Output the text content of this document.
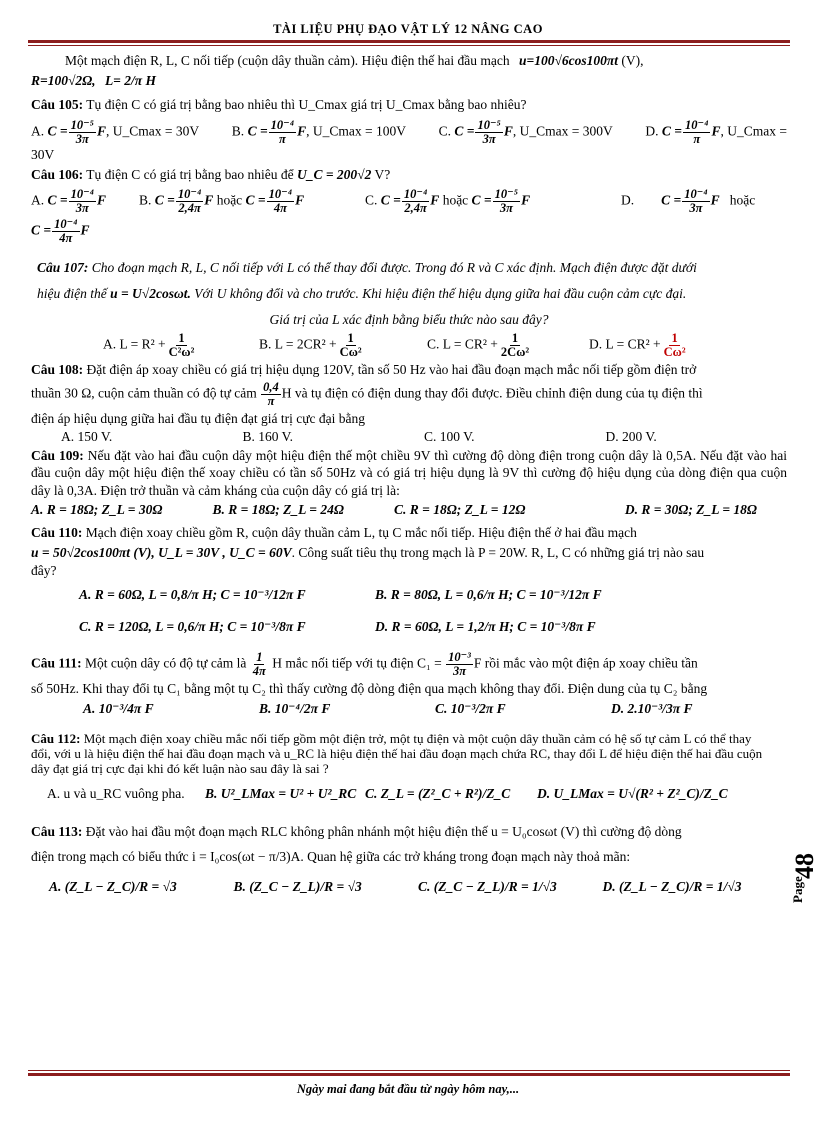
TÀI LIỆU PHỤ ĐẠO VẬT LÝ 12 NÂNG CAO

Một mạch điện R, L, C nối tiếp (cuộn dây thuần cảm). Hiệu điện thế hai đầu mạch u=100√6cos100πt (V),

R=100√2Ω, L= 2/π H

Câu 105: Tụ điện C có giá trị bằng bao nhiêu thì U_Cmax giá trị U_Cmax bằng bao nhiêu?

A. $C = \frac{\text{10⁻⁵}}{3\pi} F$, U_Cmax = 30V B. $C = \frac{\text{10⁻⁴}}{\pi} F$, U_Cmax = 100V C. $C = \frac{\text{10⁻⁵}}{3\pi} F$, U_Cmax = 300V D. $C = \frac{\text{10⁻⁴}}{\pi} F$, U_Cmax =

30V

Câu 106: Tụ điện C có giá trị bằng bao nhiêu để U_C = 200√2 V?

A. $C = \frac{\text{10⁻⁴}}{3\pi}$ F	B. $C = \frac{\text{10⁻⁴}}{2,4\pi}$ F hoặc $C = \frac{\text{10⁻⁴}}{4\pi}$ F	C. $C = \frac{\text{10⁻⁴}}{2,4\pi}$ F hoặc $C = \frac{\text{10⁻⁵}}{3\pi}$ F	D.        $C = \frac{\text{10⁻⁴}}{3\pi}$ F hoặc
$C = \frac{\text{10⁻⁴}}{4\pi}$ F

Câu 107: Cho đoạn mạch R, L, C nối tiếp với L có thể thay đổi được. Trong đó R và C xác định. Mạch điện được đặt dưới

hiệu điện thế u = U√2cosωt. Với U không đổi và cho trước. Khi hiệu điện thế hiệu dụng giữa hai đầu cuộn cảm cực đại.

Giá trị của L xác định bằng biểu thức nào sau đây?

A. $L = R^2 + \frac{1}{\text{C²ω²}}$	B. $L = 2CR^2 + \frac{1}{\text{Cω²}}$	C. $L = CR^2 + \frac{1}{\text{2Cω²}}$	D. $L = CR^2 + \frac{1}{\text{Cω²}}$

Câu 108: Đặt điện áp xoay chiều có giá trị hiệu dụng 120V, tần số 50 Hz vào hai đầu đoạn mạch mắc nối tiếp gồm điện trở

thuần 30 Ω, cuộn cảm thuần có độ tự cảm $\frac{0,4}{\pi}$ H và tụ điện có điện dung thay đổi được. Điều chỉnh điện dung của tụ điện thì

điện áp hiệu dụng giữa hai đầu tụ điện đạt giá trị cực đại bằng

A. 150 V.	B. 160 V.	C. 100 V.	D. 200 V.

Câu 109: Nếu đặt vào hai đầu cuộn dây một hiệu điện thế một chiều 9V thì cường độ dòng điện trong cuộn dây là 0,5A. Nếu đặt vào hai đầu cuộn dây một hiệu điện thế xoay chiều có tần số 50Hz và có giá trị hiệu dụng là 9V thì cường độ hiệu dụng của dòng điện qua cuộn dây là 0,3A. Điện trở thuần và cảm kháng của cuộn dây có giá trị là:

A. R = 18Ω; Z_L = 30Ω	B. R = 18Ω; Z_L = 24Ω	C. R = 18Ω; Z_L = 12Ω	D. R = 30Ω; Z_L = 18Ω

Câu 110: Mạch điện xoay chiều gồm R, cuộn dây thuần cảm L, tụ C mắc nối tiếp. Hiệu điện thế ở hai đầu mạch

u = 50√2cos100πt (V), U_L = 30V , U_C = 60V. Công suất tiêu thụ trong mạch là P = 20W. R, L, C có những giá trị nào sau

đây?

A. R = 60Ω, L = 0,8/π H; C = 10⁻³/12π F	B. R = 80Ω, L = 0,6/π H; C = 10⁻³/12π F
C. R = 120Ω, L = 0,6/π H; C = 10⁻³/8π F	D. R = 60Ω, L = 1,2/π H; C = 10⁻³/8π F

Câu 111: Một cuộn dây có độ tự cảm là $\frac{1}{4\pi}$ H mắc nối tiếp với tụ điện $C_1 = \frac{\text{10⁻³}}{3\pi}$ F rồi mắc vào một điện áp xoay chiều tần

số 50Hz. Khi thay đổi tụ C₁ bằng một tụ C₂ thì thấy cường độ dòng điện qua mạch không thay đổi. Điện dung của tụ C₂ bằng

A. 10⁻³/4π F	B. 10⁻⁴/2π F	C. 10⁻³/2π F	D. 2.10⁻³/3π F

Câu 112: Một mạch điện xoay chiều mắc nối tiếp gồm một điện trở, một tụ điện và một cuộn dây thuần cảm có hệ số tự cảm L có thể thay đổi, với u là hiệu điện thế hai đầu đoạn mạch và u_RC là hiệu điện thế hai đầu đoạn mạch chứa RC, thay đổi L để hiệu điện thế hai đầu cuộn dây đạt giá trị cực đại khi đó kết luận nào sau đây là sai ?

A. u và u_RC vuông pha.	B. U²_LMax = U² + U²_RC C. Z_L = (Z²_C + R²)/Z_C	D. U_LMax = U√(R² + Z²_C)/Z_C

Câu 113: Đặt vào hai đầu một đoạn mạch RLC không phân nhánh một hiệu điện thế u = U₀cosωt (V) thì cường độ dòng

điện trong mạch có biểu thức i = I₀cos(ωt − π/3)A. Quan hệ giữa các trở kháng trong đoạn mạch này thoả mãn:

A. (Z_L − Z_C)/R = √3	B. (Z_C − Z_L)/R = √3	C. (Z_C − Z_L)/R = 1/√3	D. (Z_L − Z_C)/R = 1/√3
48
Page
Ngày mai đang bắt đầu từ ngày hôm nay,...
